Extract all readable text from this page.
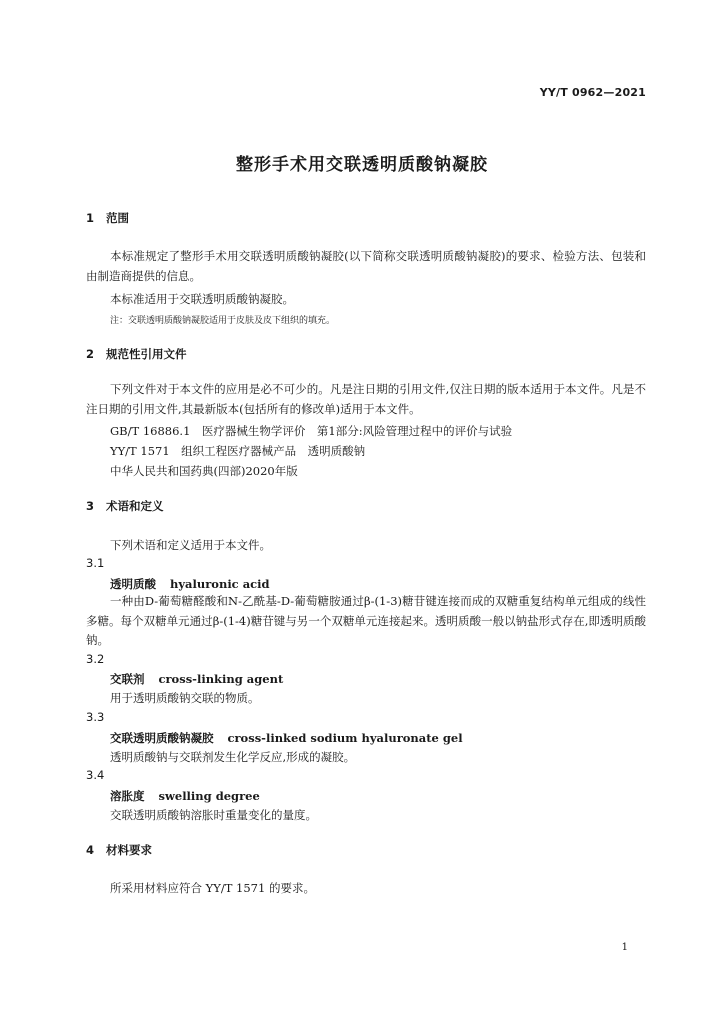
YY/T 0962—2021
整形手术用交联透明质酸钠凝胶
1 范围
本标准规定了整形手术用交联透明质酸钠凝胶(以下简称交联透明质酸钠凝胶)的要求、检验方法、包装和由制造商提供的信息。
本标准适用于交联透明质酸钠凝胶。
注：交联透明质酸钠凝胶适用于皮肤及皮下组织的填充。
2 规范性引用文件
下列文件对于本文件的应用是必不可少的。凡是注日期的引用文件,仅注日期的版本适用于本文件。凡是不注日期的引用文件,其最新版本(包括所有的修改单)适用于本文件。
GB/T 16886.1　医疗器械生物学评价　第1部分:风险管理过程中的评价与试验
YY/T 1571　组织工程医疗器械产品　透明质酸钠
中华人民共和国药典(四部)2020年版
3 术语和定义
下列术语和定义适用于本文件。
3.1
透明质酸 hyaluronic acid
一种由D-葡萄糖醛酸和N-乙酰基-D-葡萄糖胺通过β-(1-3)糖苷键连接而成的双糖重复结构单元组成的线性多糖。每个双糖单元通过β-(1-4)糖苷键与另一个双糖单元连接起来。透明质酸一般以钠盐形式存在,即透明质酸钠。
3.2
交联剂 cross-linking agent
用于透明质酸钠交联的物质。
3.3
交联透明质酸钠凝胶 cross-linked sodium hyaluronate gel
透明质酸钠与交联剂发生化学反应,形成的凝胶。
3.4
溶胀度 swelling degree
交联透明质酸钠溶胀时重量变化的量度。
4 材料要求
所采用材料应符合 YY/T 1571 的要求。
1
